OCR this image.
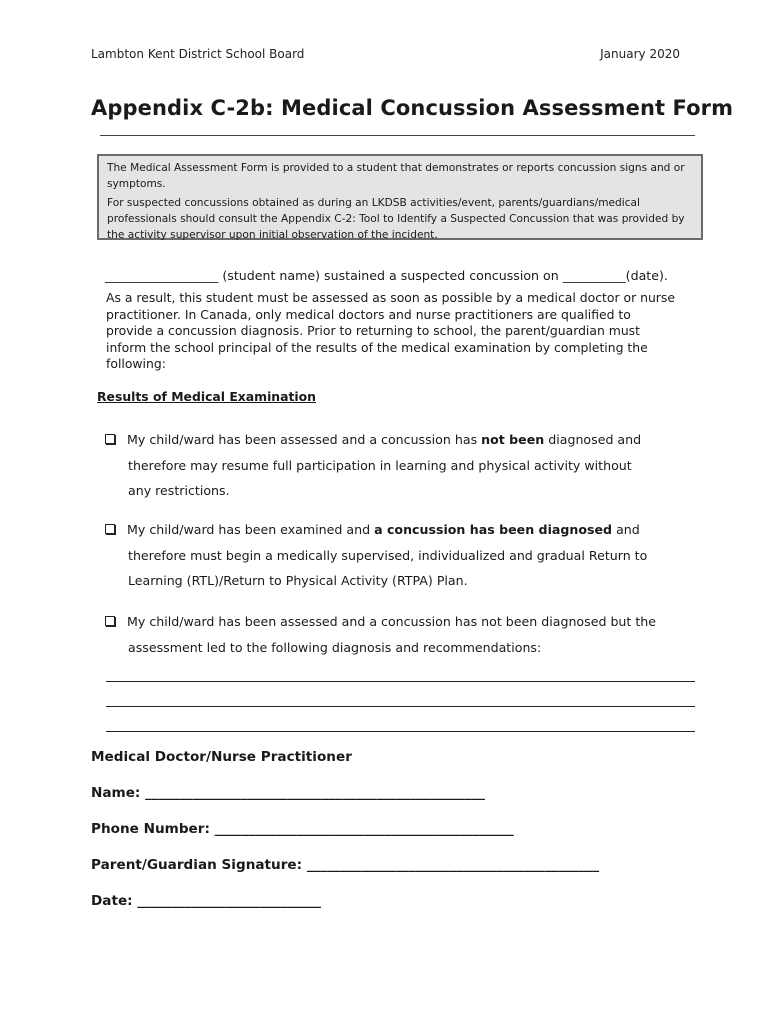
Lambton Kent District School Board	January 2020
Appendix C-2b: Medical Concussion Assessment Form

The Medical Assessment Form is provided to a student that demonstrates or reports concussion signs and or symptoms.

For suspected concussions obtained as during an LKDSB activities/event, parents/guardians/medical professionals should consult the Appendix C-2: Tool to Identify a Suspected Concussion that was provided by the activity supervisor upon initial observation of the incident.

__________________ (student name) sustained a suspected concussion on __________(date).
As a result, this student must be assessed as soon as possible by a medical doctor or nurse
practitioner. In Canada, only medical doctors and nurse practitioners are qualified to
provide a concussion diagnosis. Prior to returning to school, the parent/guardian must
inform the school principal of the results of the medical examination by completing the
following:
Results of Medical Examination
My child/ward has been assessed and a concussion has not been diagnosed and
therefore may resume full participation in learning and physical activity without
any restrictions.
My child/ward has been examined and a concussion has been diagnosed and
therefore must begin a medically supervised, individualized and gradual Return to
Learning (RTL)/Return to Physical Activity (RTPA) Plan.
My child/ward has been assessed and a concussion has not been diagnosed but the
assessment led to the following diagnosis and recommendations:
Medical Doctor/Nurse Practitioner
Name: __________________________________________________
Phone Number: ____________________________________________
Parent/Guardian Signature: ___________________________________________
Date: ___________________________
